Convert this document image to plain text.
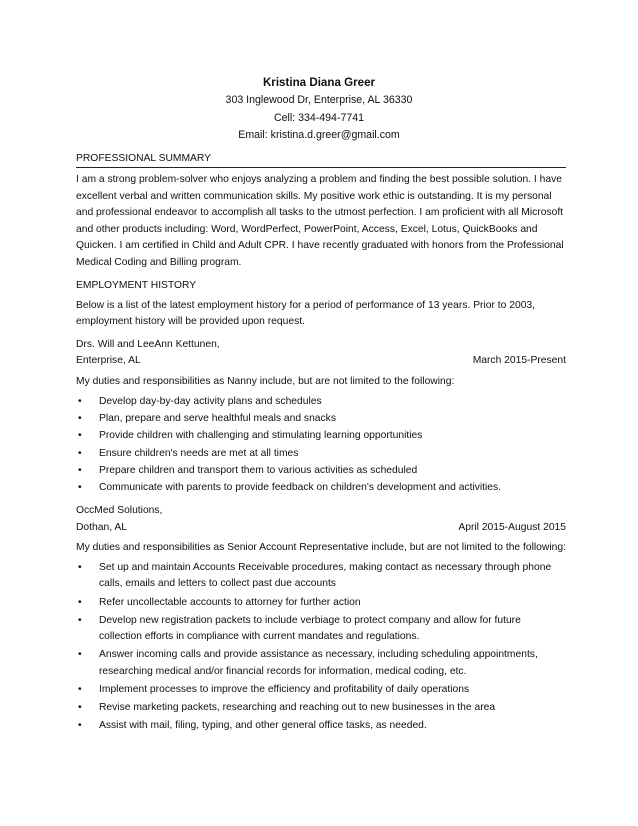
Kristina Diana Greer
303 Inglewood Dr, Enterprise, AL 36330
Cell: 334-494-7741
Email: kristina.d.greer@gmail.com
PROFESSIONAL SUMMARY

I am a strong problem-solver who enjoys analyzing a problem and finding the best possible solution. I have excellent verbal and written communication skills. My positive work ethic is outstanding. It is my personal and professional endeavor to accomplish all tasks to the utmost perfection. I am proficient with all Microsoft and other products including: Word, WordPerfect, PowerPoint, Access, Excel, Lotus, QuickBooks and Quicken. I am certified in Child and Adult CPR. I have recently graduated with honors from the Professional Medical Coding and Billing program.

EMPLOYMENT HISTORY

Below is a list of the latest employment history for a period of performance of 13 years. Prior to 2003, employment history will be provided upon request.

Drs. Will and LeeAnn Kettunen,

Enterprise, AL	March 2015-Present

My duties and responsibilities as Nanny include, but are not limited to the following:

• Develop day-by-day activity plans and schedules
• Plan, prepare and serve healthful meals and snacks
• Provide children with challenging and stimulating learning opportunities
• Ensure children's needs are met at all times
• Prepare children and transport them to various activities as scheduled
• Communicate with parents to provide feedback on children's development and activities.

OccMed Solutions,

Dothan, AL	April 2015-August 2015

My duties and responsibilities as Senior Account Representative include, but are not limited to the following:

• Set up and maintain Accounts Receivable procedures, making contact as necessary through phone calls, emails and letters to collect past due accounts
• Refer uncollectable accounts to attorney for further action
• Develop new registration packets to include verbiage to protect company and allow for future collection efforts in compliance with current mandates and regulations.
• Answer incoming calls and provide assistance as necessary, including scheduling appointments, researching medical and/or financial records for information, medical coding, etc.
• Implement processes to improve the efficiency and profitability of daily operations
• Revise marketing packets, researching and reaching out to new businesses in the area
• Assist with mail, filing, typing, and other general office tasks, as needed.
